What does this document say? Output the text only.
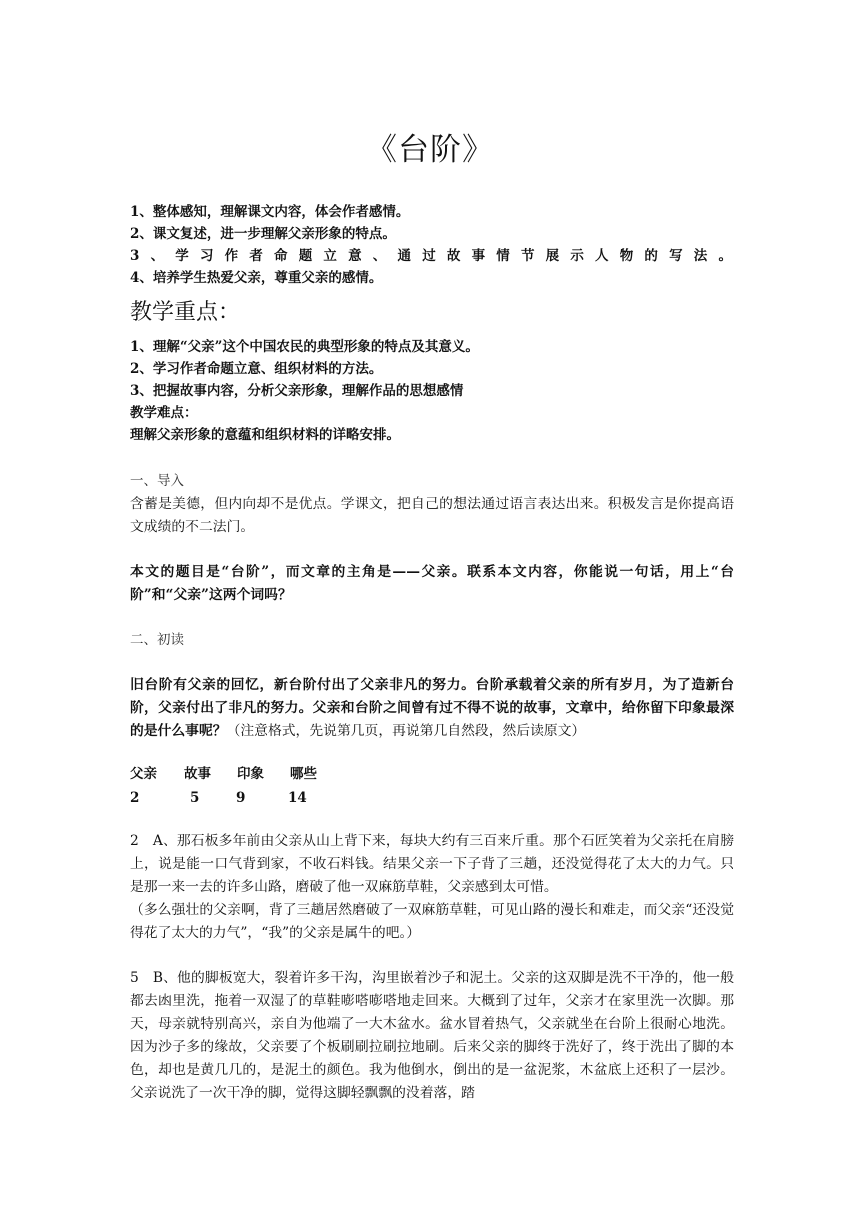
《台阶》
1、整体感知，理解课文内容，体会作者感情。
2、课文复述，进一步理解父亲形象的特点。
3、学习作者命题立意、通过故事情节展示人物的写法。
4、培养学生热爱父亲，尊重父亲的感情。
教学重点：
1、理解“父亲”这个中国农民的典型形象的特点及其意义。
2、学习作者命题立意、组织材料的方法。
3、把握故事内容，分析父亲形象，理解作品的思想感情
教学难点：
理解父亲形象的意蕴和组织材料的详略安排。
一、导入
含蓄是美德，但内向却不是优点。学课文，把自己的想法通过语言表达出来。积极发言是你提高语文成绩的不二法门。
本文的题目是“台阶”，而文章的主角是——父亲。联系本文内容，你能说一句话，用上“台阶”和“父亲”这两个词吗？
二、初读
旧台阶有父亲的回忆，新台阶付出了父亲非凡的努力。台阶承载着父亲的所有岁月，为了造新台阶，父亲付出了非凡的努力。父亲和台阶之间曾有过不得不说的故事，文章中，给你留下印象最深的是什么事呢？（注意格式，先说第几页，再说第几自然段，然后读原文）
父亲 故事 印象 哪些
2	5	9	14
2　A、那石板多年前由父亲从山上背下来，每块大约有三百来斤重。那个石匠笑着为父亲托在肩膀上，说是能一口气背到家，不收石料钱。结果父亲一下子背了三趟，还没觉得花了太大的力气。只是那一来一去的许多山路，磨破了他一双麻筋草鞋，父亲感到太可惜。
（多么强壮的父亲啊，背了三趟居然磨破了一双麻筋草鞋，可见山路的漫长和难走，而父亲“还没觉得花了太大的力气”，“我”的父亲是属牛的吧。）
5　B、他的脚板宽大，裂着许多干沟，沟里嵌着沙子和泥土。父亲的这双脚是洗不干净的，他一般都去凼里洗，拖着一双湿了的草鞋嘭嗒嘭嗒地走回来。大概到了过年，父亲才在家里洗一次脚。那天，母亲就特别高兴，亲自为他端了一大木盆水。盆水冒着热气，父亲就坐在台阶上很耐心地洗。因为沙子多的缘故，父亲要了个板刷刷拉刷拉地刷。后来父亲的脚终于洗好了，终于洗出了脚的本色，却也是黄几几的，是泥土的颜色。我为他倒水，倒出的是一盆泥浆，木盆底上还积了一层沙。父亲说洗了一次干净的脚，觉得这脚轻飘飘的没着落，踏
